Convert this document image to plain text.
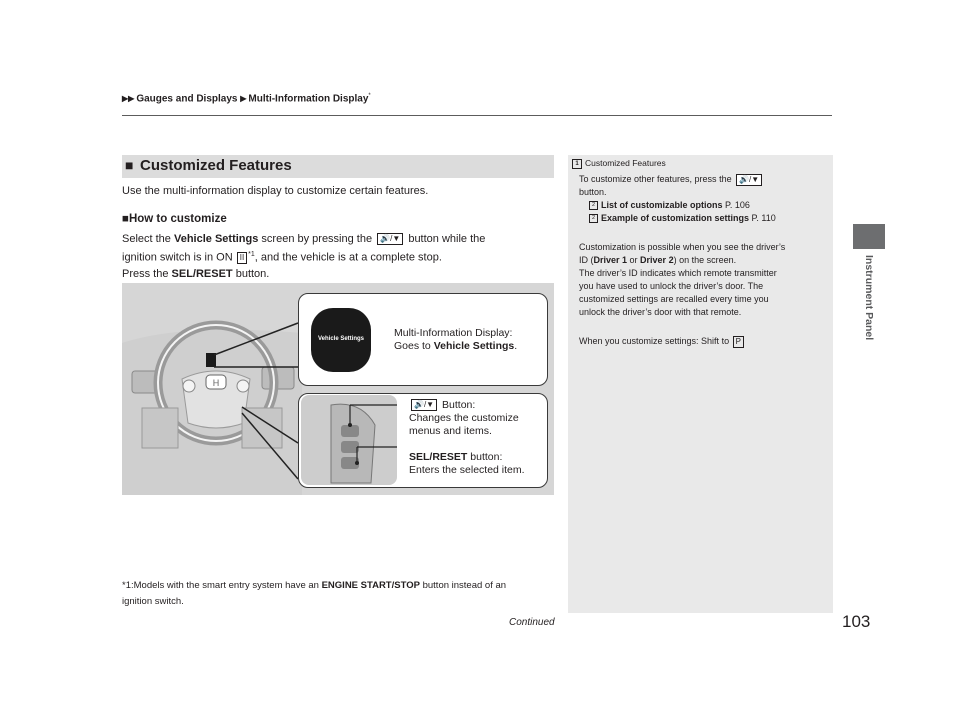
▶▶ Gauges and Displays ▶ Multi-Information Display*
Instrument Panel
■ Customized Features
Use the multi-information display to customize certain features.
■How to customize
Select the Vehicle Settings screen by pressing the 🔊/▼ button while the
ignition switch is in ON II $^{*1}$, and the vehicle is at a complete stop.
Press the SEL/RESET button.
H
Vehicle Settings	Multi-Information Display:
Goes to Vehicle Settings.
🔊/▼ Button:
Changes the customize
menus and items.
SEL/RESET button:
Enters the selected item.
*1:Models with the smart entry system have an ENGINE START/STOP button instead of an
ignition switch.
Continued	103
1 Customized Features
To customize other features, press the 🔊/▼
button.

2 List of customizable options P. 106
2 Example of customization settings P. 110
Customization is possible when you see the driver’s
ID (Driver 1 or Driver 2) on the screen.
The driver’s ID indicates which remote transmitter
you have used to unlock the driver’s door. The
customized settings are recalled every time you
unlock the driver’s door with that remote.
When you customize settings: Shift to P
